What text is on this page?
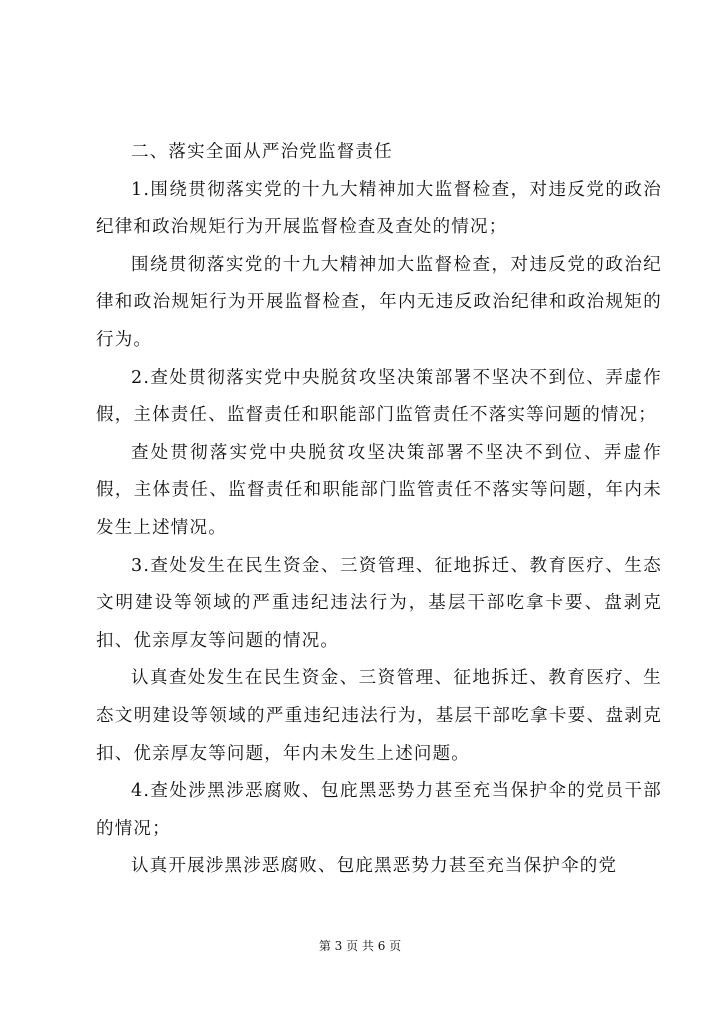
二、落实全面从严治党监督责任

1.围绕贯彻落实党的十九大精神加大监督检查，对违反党的政治纪律和政治规矩行为开展监督检查及查处的情况；

围绕贯彻落实党的十九大精神加大监督检查，对违反党的政治纪律和政治规矩行为开展监督检查，年内无违反政治纪律和政治规矩的行为。

2.查处贯彻落实党中央脱贫攻坚决策部署不坚决不到位、弄虚作假，主体责任、监督责任和职能部门监管责任不落实等问题的情况；

查处贯彻落实党中央脱贫攻坚决策部署不坚决不到位、弄虚作假，主体责任、监督责任和职能部门监管责任不落实等问题，年内未发生上述情况。

3.查处发生在民生资金、三资管理、征地拆迁、教育医疗、生态文明建设等领域的严重违纪违法行为，基层干部吃拿卡要、盘剥克扣、优亲厚友等问题的情况。

认真查处发生在民生资金、三资管理、征地拆迁、教育医疗、生态文明建设等领域的严重违纪违法行为，基层干部吃拿卡要、盘剥克扣、优亲厚友等问题，年内未发生上述问题。

4.查处涉黑涉恶腐败、包庇黑恶势力甚至充当保护伞的党员干部的情况；

认真开展涉黑涉恶腐败、包庇黑恶势力甚至充当保护伞的党

第 3 页 共 6 页
